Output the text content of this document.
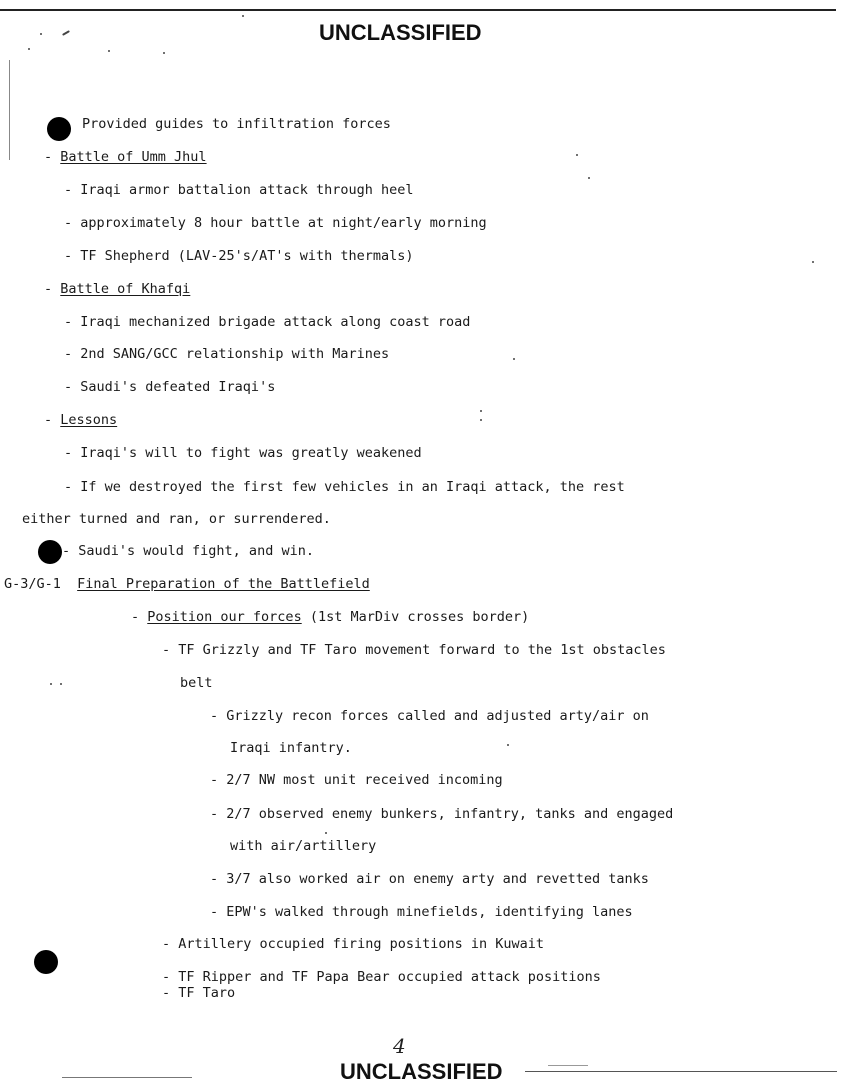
UNCLASSIFIED
Provided guides to infiltration forces
- Battle of Umm Jhul
- Iraqi armor battalion attack through heel
- approximately 8 hour battle at night/early morning
- TF Shepherd (LAV-25's/AT's with thermals)
- Battle of Khafqi
- Iraqi mechanized brigade attack along coast road
- 2nd SANG/GCC relationship with Marines
- Saudi's defeated Iraqi's
- Lessons
- Iraqi's will to fight was greatly weakened
- If we destroyed the first few vehicles in an Iraqi attack, the rest
either turned and ran, or surrendered.
- Saudi's would fight, and win.
G-3/G-1  Final Preparation of the Battlefield
- Position our forces (1st MarDiv crosses border)
- TF Grizzly and TF Taro movement forward to the 1st obstacles
belt
- Grizzly recon forces called and adjusted arty/air on
Iraqi infantry.
- 2/7 NW most unit received incoming
- 2/7 observed enemy bunkers, infantry, tanks and engaged
with air/artillery
- 3/7 also worked air on enemy arty and revetted tanks
- EPW's walked through minefields, identifying lanes
- Artillery occupied firing positions in Kuwait
- TF Ripper and TF Papa Bear occupied attack positions
- TF Taro
4
UNCLASSIFIED
